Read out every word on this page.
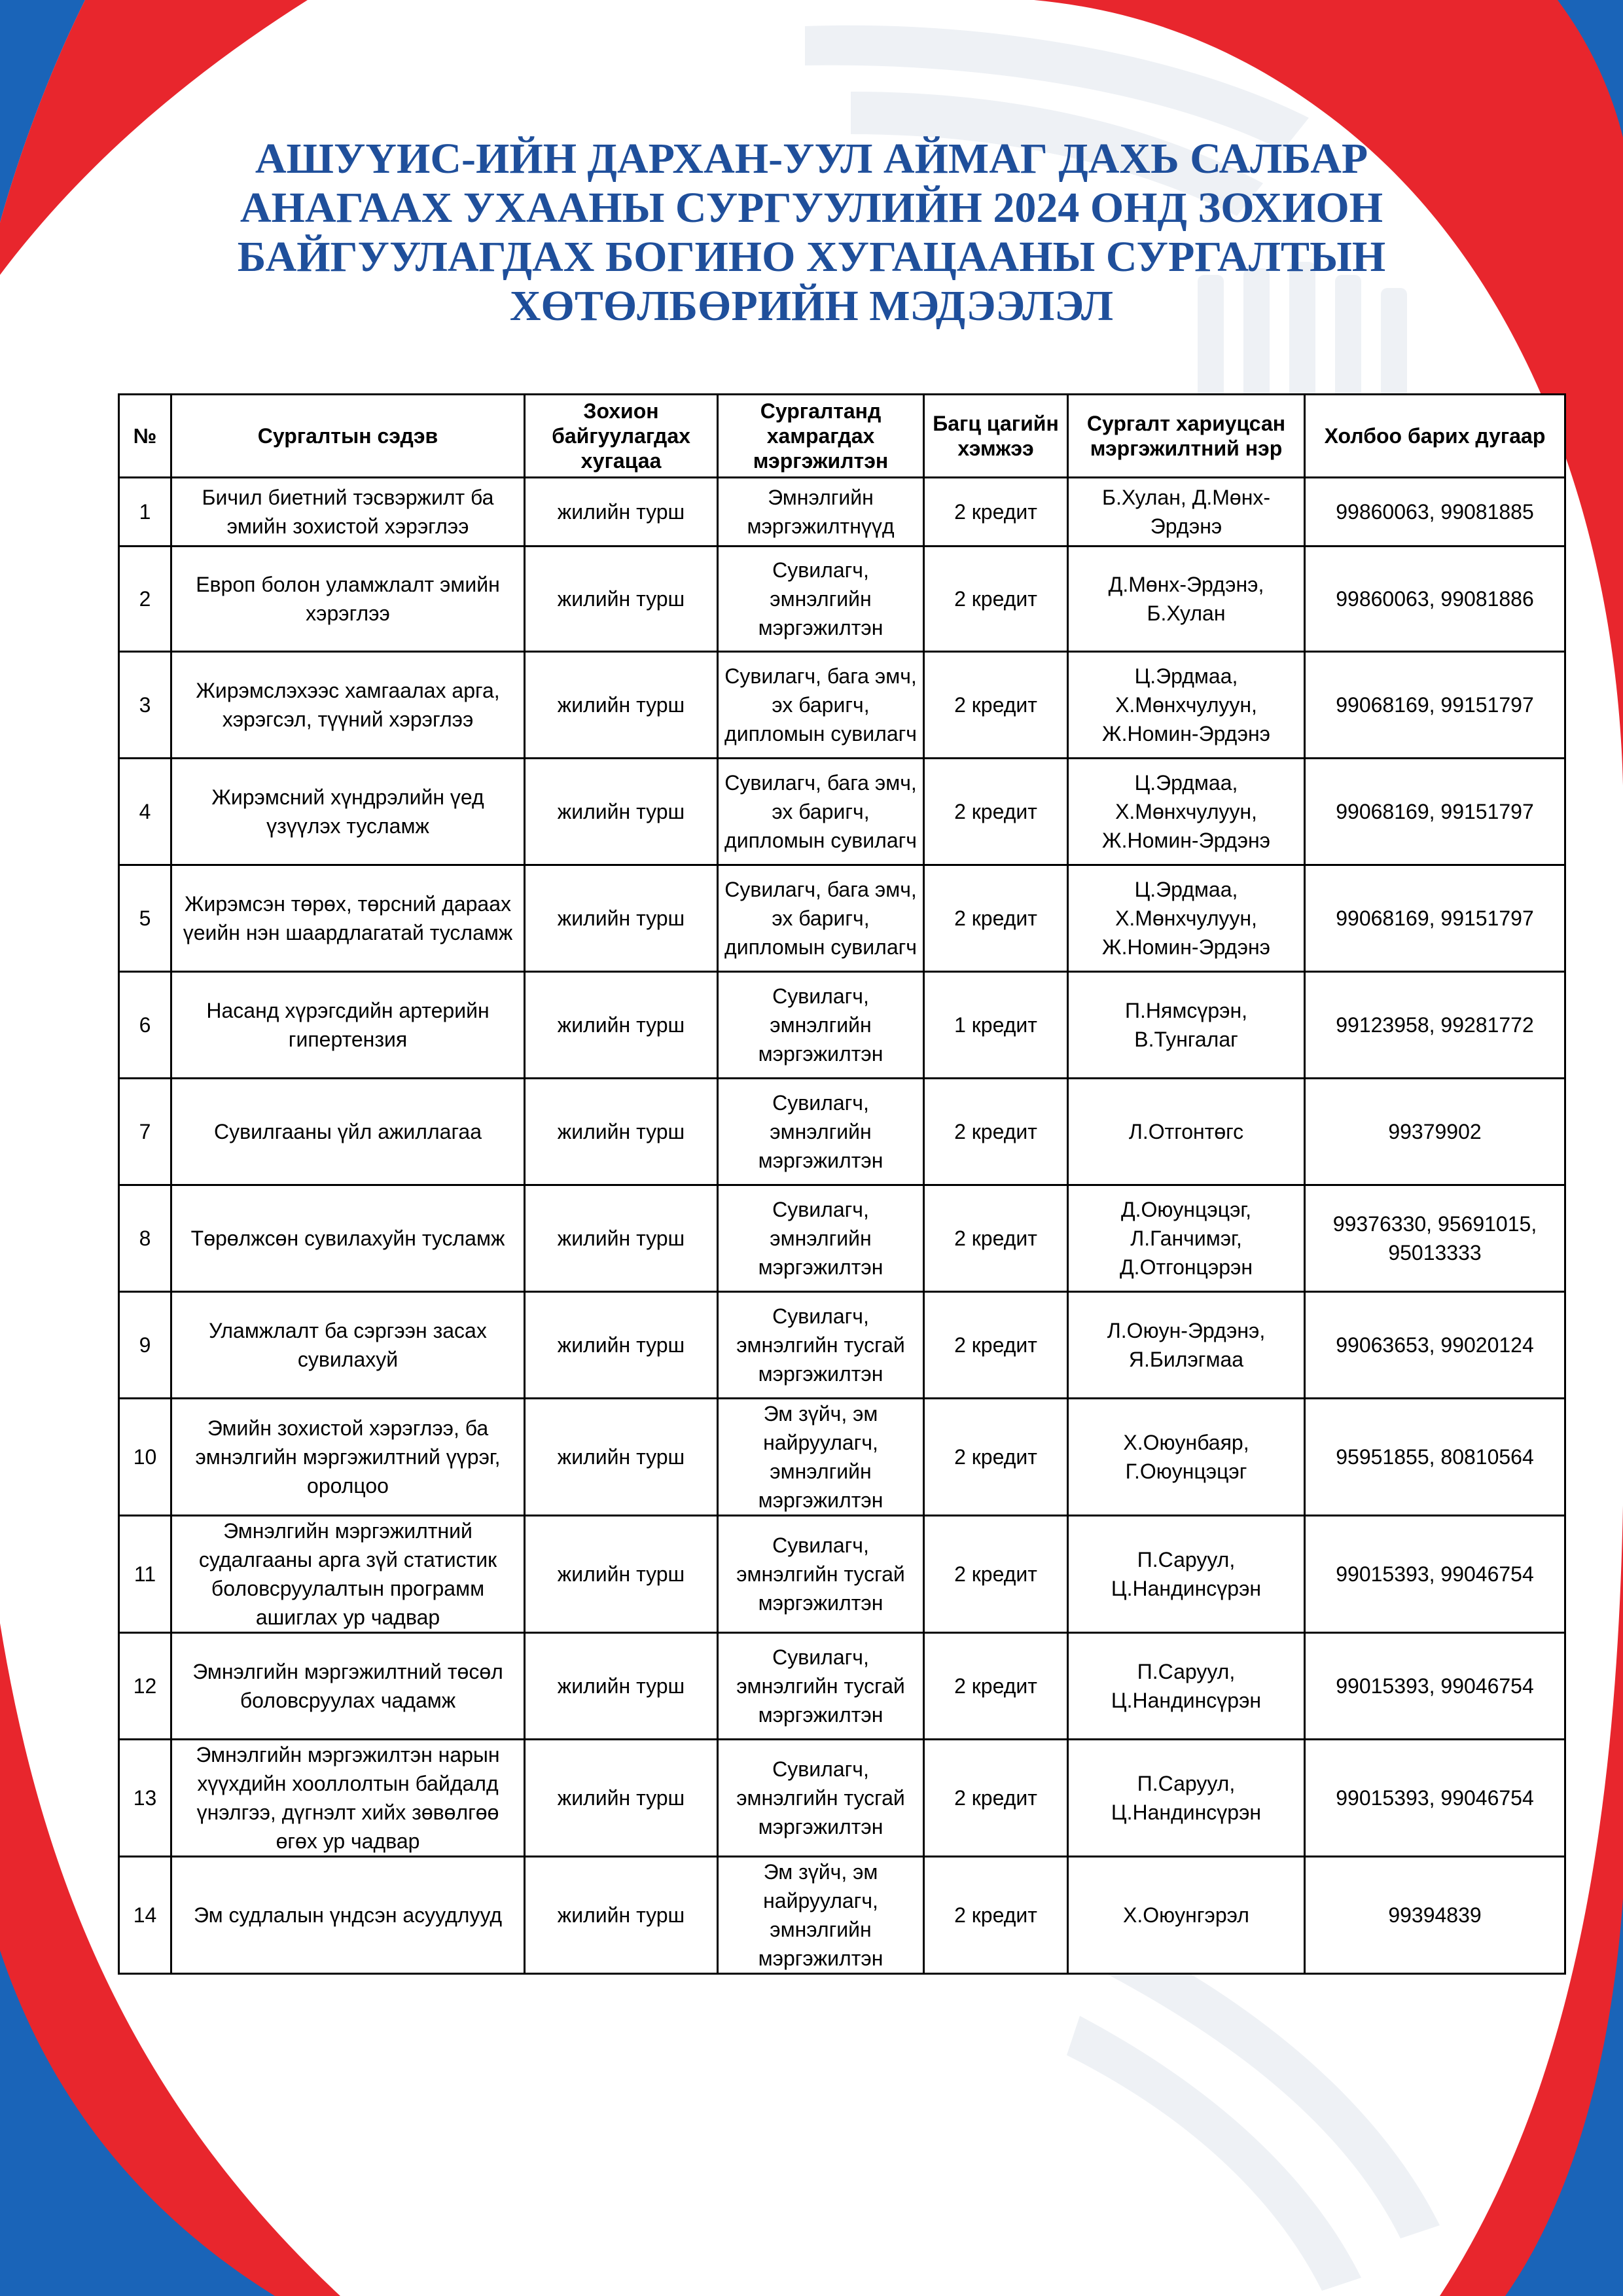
АШУҮИС-ИЙН ДАРХАН-УУЛ АЙМАГ ДАХЬ САЛБАР
АНАГААХ УХААНЫ СУРГУУЛИЙН 2024 ОНД ЗОХИОН
БАЙГУУЛАГДАХ БОГИНО ХУГАЦААНЫ СУРГАЛТЫН
ХӨТӨЛБӨРИЙН МЭДЭЭЛЭЛ
№	Сургалтын сэдэв	Зохион байгуулагдах хугацаа	Сургалтанд хамрагдах мэргэжилтэн	Багц цагийн хэмжээ	Сургалт хариуцсан мэргэжилтний нэр	Холбоо барих дугаар
1	Бичил биетний тэсвэржилт ба эмийн зохистой хэрэглээ	жилийн турш	Эмнэлгийн мэргэжилтнүүд	2 кредит	Б.Хулан, Д.Мөнх-Эрдэнэ	99860063, 99081885
2	Европ болон уламжлалт эмийн хэрэглээ	жилийн турш	Сувилагч, эмнэлгийн мэргэжилтэн	2 кредит	Д.Мөнх-Эрдэнэ, Б.Хулан	99860063, 99081886
3	Жирэмслэхээс хамгаалах арга, хэрэгсэл, түүний хэрэглээ	жилийн турш	Сувилагч, бага эмч, эх баригч, дипломын сувилагч	2 кредит	Ц.Эрдмаа, Х.Мөнхчулуун, Ж.Номин-Эрдэнэ	99068169, 99151797
4	Жирэмсний хүндрэлийн үед үзүүлэх тусламж	жилийн турш	Сувилагч, бага эмч, эх баригч, дипломын сувилагч	2 кредит	Ц.Эрдмаа, Х.Мөнхчулуун, Ж.Номин-Эрдэнэ	99068169, 99151797
5	Жирэмсэн төрөх, төрсний дараах үеийн нэн шаардлагатай тусламж	жилийн турш	Сувилагч, бага эмч, эх баригч, дипломын сувилагч	2 кредит	Ц.Эрдмаа, Х.Мөнхчулуун, Ж.Номин-Эрдэнэ	99068169, 99151797
6	Насанд хүрэгсдийн артерийн гипертензия	жилийн турш	Сувилагч, эмнэлгийн мэргэжилтэн	1 кредит	П.Нямсүрэн, В.Тунгалаг	99123958, 99281772
7	Сувилгааны үйл ажиллагаа	жилийн турш	Сувилагч, эмнэлгийн мэргэжилтэн	2 кредит	Л.Отгонтөгс	99379902
8	Төрөлжсөн сувилахуйн тусламж	жилийн турш	Сувилагч, эмнэлгийн мэргэжилтэн	2 кредит	Д.Оюунцэцэг, Л.Ганчимэг, Д.Отгонцэрэн	99376330, 95691015, 95013333
9	Уламжлалт ба сэргээн засах сувилахуй	жилийн турш	Сувилагч, эмнэлгийн тусгай мэргэжилтэн	2 кредит	Л.Оюун-Эрдэнэ, Я.Билэгмаа	99063653, 99020124
10	Эмийн зохистой хэрэглээ, ба эмнэлгийн мэргэжилтний үүрэг, оролцоо	жилийн турш	Эм зүйч, эм найруулагч, эмнэлгийн мэргэжилтэн	2 кредит	Х.Оюунбаяр, Г.Оюунцэцэг	95951855, 80810564
11	Эмнэлгийн мэргэжилтний судалгааны арга зүй статистик боловсруулалтын программ ашиглах ур чадвар	жилийн турш	Сувилагч, эмнэлгийн тусгай мэргэжилтэн	2 кредит	П.Саруул, Ц.Нандинсүрэн	99015393, 99046754
12	Эмнэлгийн мэргэжилтний төсөл боловсруулах чадамж	жилийн турш	Сувилагч, эмнэлгийн тусгай мэргэжилтэн	2 кредит	П.Саруул, Ц.Нандинсүрэн	99015393, 99046754
13	Эмнэлгийн мэргэжилтэн нарын хүүхдийн хооллолтын байдалд үнэлгээ, дүгнэлт хийх зөвөлгөө өгөх ур чадвар	жилийн турш	Сувилагч, эмнэлгийн тусгай мэргэжилтэн	2 кредит	П.Саруул, Ц.Нандинсүрэн	99015393, 99046754
14	Эм судлалын үндсэн асуудлууд	жилийн турш	Эм зүйч, эм найруулагч, эмнэлгийн мэргэжилтэн	2 кредит	Х.Оюунгэрэл	99394839
